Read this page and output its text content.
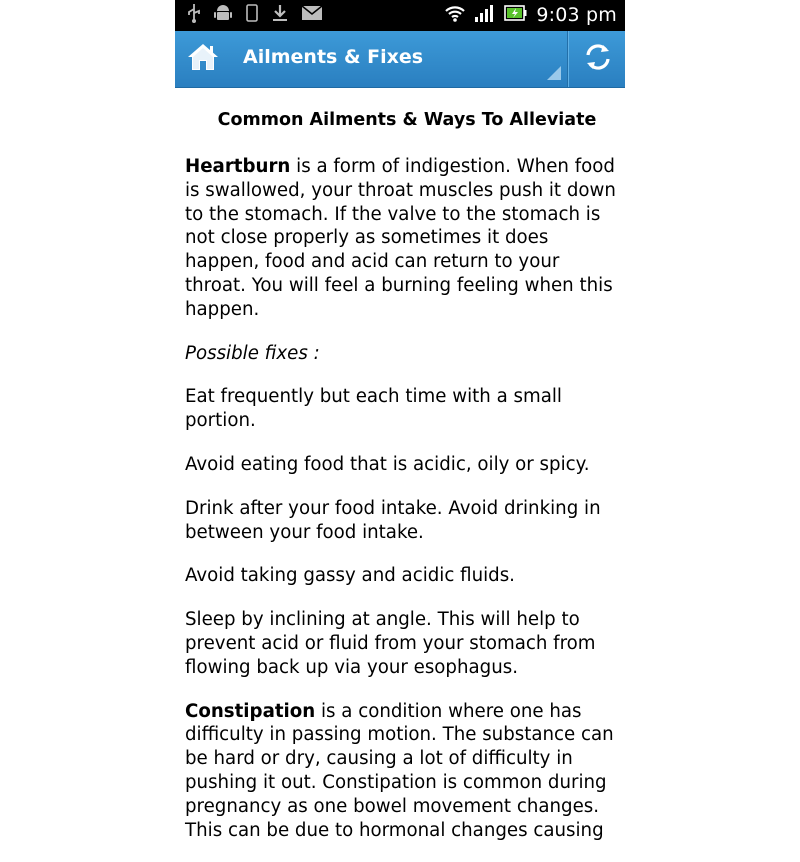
9:03 pm
Ailments & Fixes
Common Ailments & Ways To Alleviate

Heartburn is a form of indigestion. When food is swallowed, your throat muscles push it down to the stomach. If the valve to the stomach is not close properly as sometimes it does happen, food and acid can return to your throat. You will feel a burning feeling when this happen.

Possible fixes :

Eat frequently but each time with a small portion.

Avoid eating food that is acidic, oily or spicy.

Drink after your food intake. Avoid drinking in between your food intake.

Avoid taking gassy and acidic fluids.

Sleep by inclining at angle. This will help to prevent acid or fluid from your stomach from flowing back up via your esophagus.

Constipation is a condition where one has difficulty in passing motion. The substance can be hard or dry, causing a lot of difficulty in pushing it out. Constipation is common during pregnancy as one bowel movement changes. This can be due to hormonal changes causing
